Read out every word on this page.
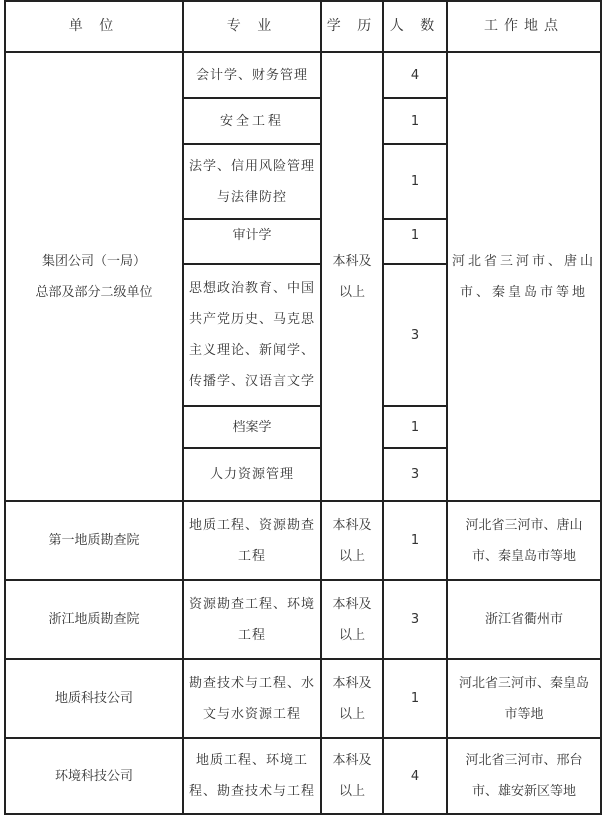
单 位	专 业	学 历	人 数	工作地点
集团公司（一局）
总部及部分二级单位	会计学、财务管理	本科及
以上	4	河北省三河市、唐山
市、秦皇岛市等地
	安全工程		1	
	法学、信用风险管理
与法律防控		1	
	审计学		1	
	思想政治教育、中国
共产党历史、马克思
主义理论、新闻学、
传播学、汉语言文学		3	
	档案学		1	
	人力资源管理		3	
第一地质勘查院	地质工程、资源勘查
工程	本科及
以上	1	河北省三河市、唐山
市、秦皇岛市等地
浙江地质勘查院	资源勘查工程、环境
工程	本科及
以上	3	浙江省衢州市
地质科技公司	勘查技术与工程、水
文与水资源工程	本科及
以上	1	河北省三河市、秦皇岛
市等地
环境科技公司	地质工程、环境工
程、勘查技术与工程	本科及
以上	4	河北省三河市、邢台
市、雄安新区等地
